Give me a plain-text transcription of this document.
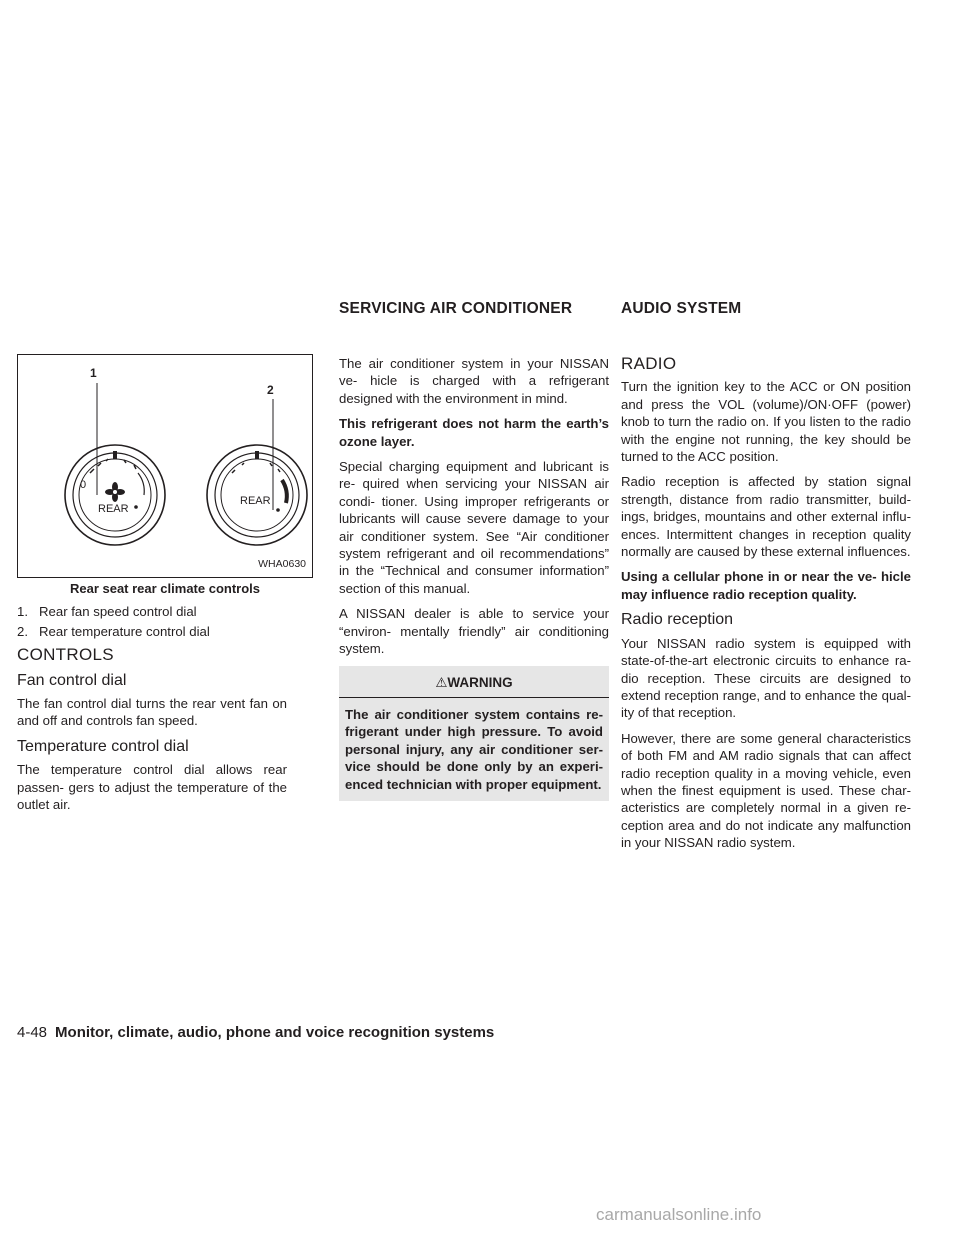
SERVICING AIR CONDITIONER	AUDIO SYSTEM
1
2
0
REAR
REAR
WHA0630
Rear seat rear climate controls
1. Rear fan speed control dial
2. Rear temperature control dial
CONTROLS
Fan control dial

The fan control dial turns the rear vent fan on and off and controls fan speed.

Temperature control dial

The temperature control dial allows rear passen- gers to adjust the temperature of the outlet air.

The air conditioner system in your NISSAN ve- hicle is charged with a refrigerant designed with the environment in mind.

This refrigerant does not harm the earth’s ozone layer.

Special charging equipment and lubricant is re- quired when servicing your NISSAN air condi- tioner. Using improper refrigerants or lubricants will cause severe damage to your air conditioner system. See “Air conditioner system refrigerant and oil recommendations” in the “Technical and consumer information” section of this manual.

A NISSAN dealer is able to service your “environ- mentally friendly” air conditioning system.

⚠WARNING

The air conditioner system contains re- frigerant under high pressure. To avoid personal injury, any air conditioner ser- vice should be done only by an experi- enced technician with proper equipment.

RADIO

Turn the ignition key to the ACC or ON position and press the VOL (volume)/ON·OFF (power) knob to turn the radio on. If you listen to the radio with the engine not running, the key should be turned to the ACC position.

Radio reception is affected by station signal strength, distance from radio transmitter, build- ings, bridges, mountains and other external influ- ences. Intermittent changes in reception quality normally are caused by these external influences.

Using a cellular phone in or near the ve- hicle may influence radio reception quality.

Radio reception

Your NISSAN radio system is equipped with state-of-the-art electronic circuits to enhance ra- dio reception. These circuits are designed to extend reception range, and to enhance the qual- ity of that reception.

However, there are some general characteristics of both FM and AM radio signals that can affect radio reception quality in a moving vehicle, even when the finest equipment is used. These char- acteristics are completely normal in a given re- ception area and do not indicate any malfunction in your NISSAN radio system.

4-48 Monitor, climate, audio, phone and voice recognition systems
carmanualsonline.info
